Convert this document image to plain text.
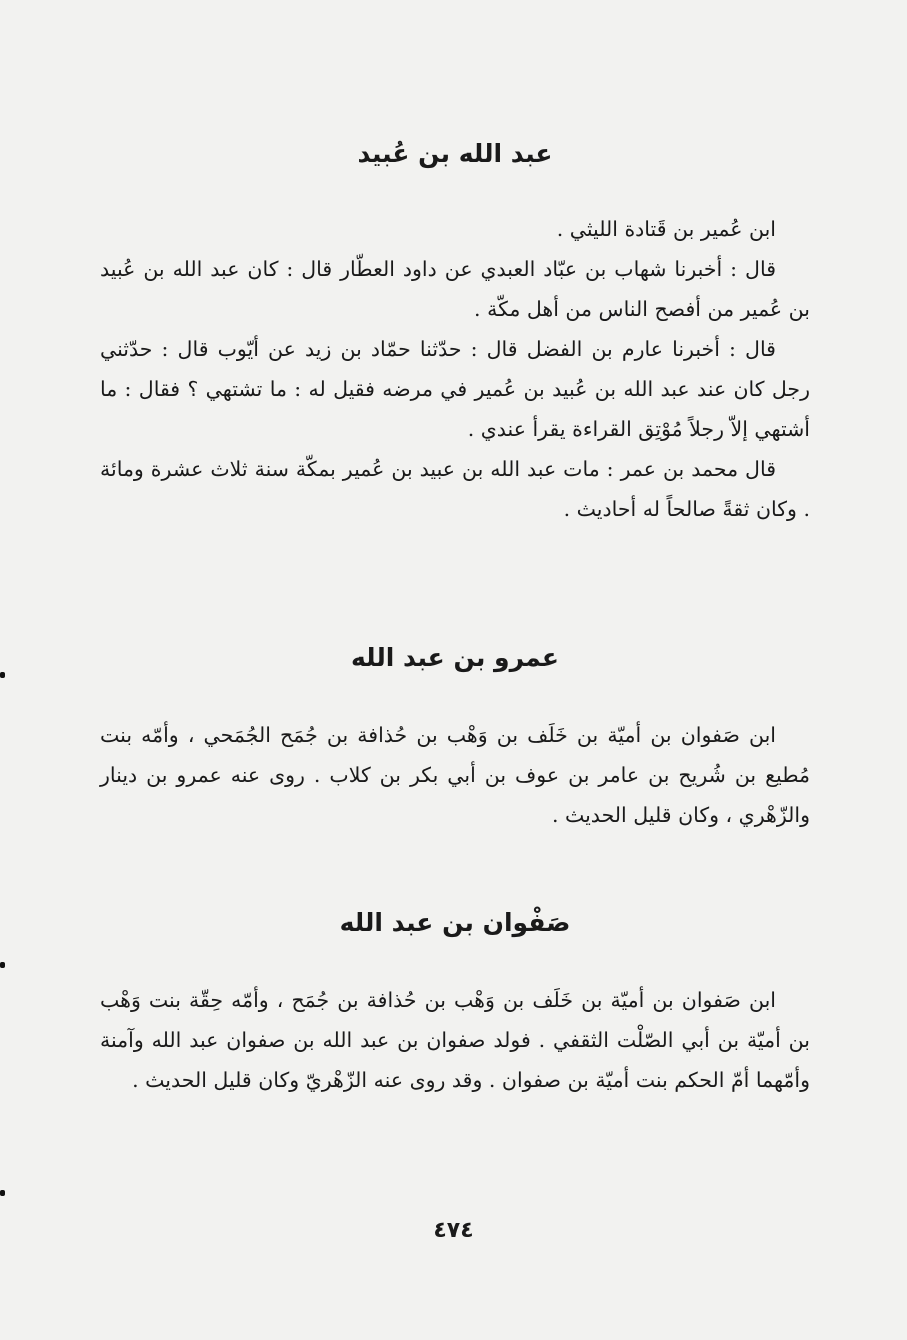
عبد الله بن عُبيد

ابن عُمير بن قَتادة الليثي .

قال : أخبرنا شهاب بن عبّاد العبدي عن داود العطّار قال : كان عبد الله بن عُبيد بن عُمير من أفصح الناس من أهل مكّة .

قال : أخبرنا عارم بن الفضل قال : حدّثنا حمّاد بن زيد عن أيّوب قال : حدّثني رجل كان عند عبد الله بن عُبيد بن عُمير في مرضه فقيل له : ما تشتهي ؟ فقال : ما أشتهي إلاّ رجلاً مُوْتِق القراءة يقرأ عندي .

قال محمد بن عمر : مات عبد الله بن عبيد بن عُمير بمكّة سنة ثلاث عشرة ومائة . وكان ثقةً صالحاً له أحاديث .

عمرو بن عبد الله

ابن صَفوان بن أميّة بن خَلَف بن وَهْب بن حُذافة بن جُمَح الجُمَحي ، وأمّه بنت مُطيع بن شُريح بن عامر بن عوف بن أبي بكر بن كلاب . روى عنه عمرو بن دينار والزّهْري ، وكان قليل الحديث .

صَفْوان بن عبد الله

ابن صَفوان بن أميّة بن خَلَف بن وَهْب بن حُذافة بن جُمَح ، وأمّه حِقّة بنت وَهْب بن أميّة بن أبي الصّلْت الثقفي . فولد صفوان بن عبد الله بن صفوان عبد الله وآمنة وأمّهما أمّ الحكم بنت أميّة بن صفوان . وقد روى عنه الزّهْريّ وكان قليل الحديث .

٤٧٤
